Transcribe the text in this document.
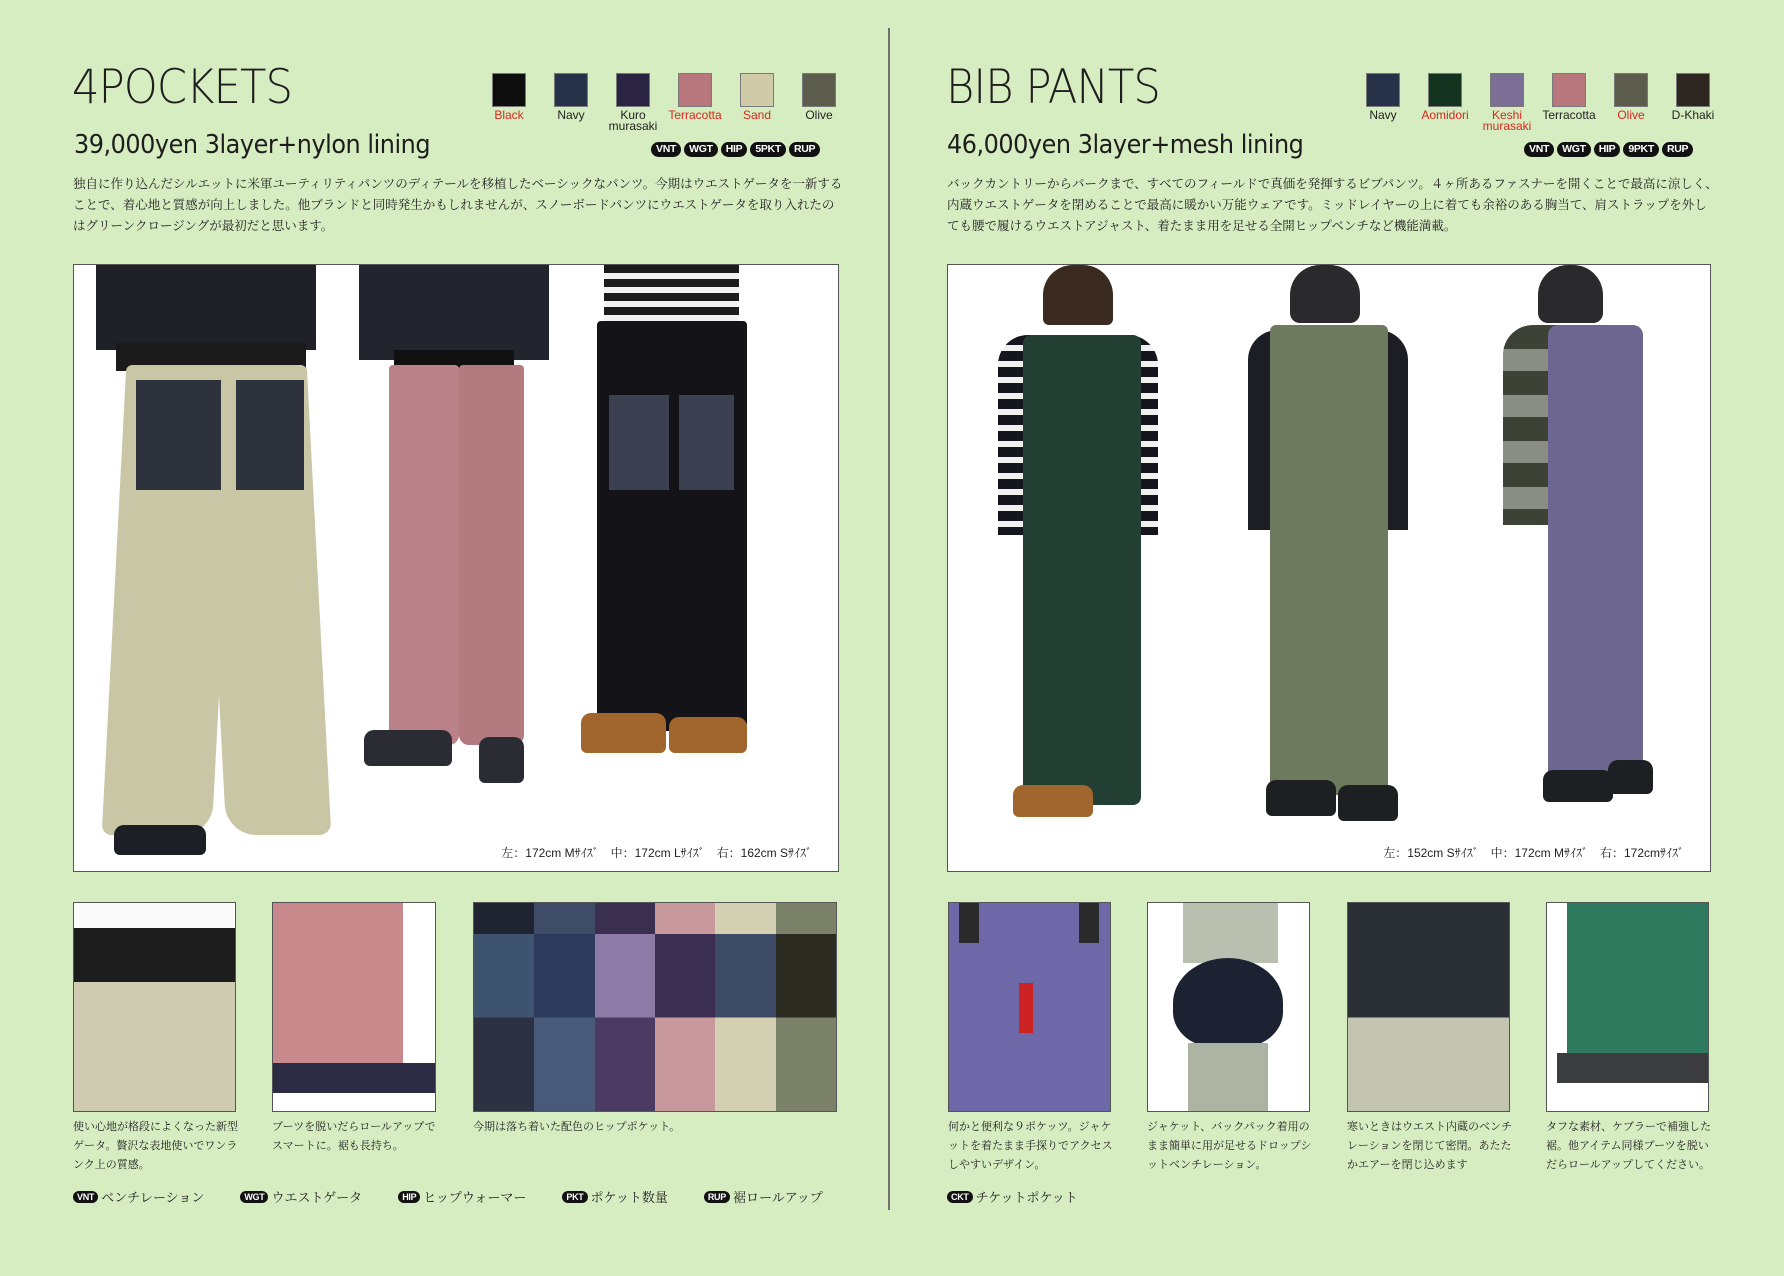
4POCKETS
39,000yen 3layer+nylon lining
Black	Navy	Kuro
murasaki
Terracotta Sand	Olive
VNT	WGT	HIP	5PKT	RUP
独自に作り込んだシルエットに米軍ユーティリティパンツのディテールを移植したベーシックなパンツ。今期はウエストゲータを一新することで、着心地と質感が向上しました。他ブランドと同時発生かもしれませんが、スノーボードパンツにウエストゲータを取り入れたのはグリーンクロージングが最初だと思います。
左：172cm Mｻｲｽﾞ　中：172cm Lｻｲｽﾞ　右：162cm Sｻｲｽﾞ
使い心地が格段によくなった新型ゲータ。贅沢な表地使いでワンランク上の質感。
ブーツを脱いだらロールアップでスマートに。裾も長持ち。
今期は落ち着いた配色のヒップポケット。
VNT ベンチレーション	WGT ウエストゲータ	HIP ヒップウォーマー	PKT ポケット数量	RUP 裾ロールアップ
BIB PANTS
46,000yen 3layer+mesh lining
Navy Aomidori	Keshi
murasaki
Terracotta Olive D-Khaki
VNT	WGT	HIP	9PKT	RUP
バックカントリーからパークまで、すべてのフィールドで真価を発揮するビブパンツ。４ヶ所あるファスナーを開くことで最高に涼しく、内蔵ウエストゲータを閉めることで最高に暖かい万能ウェアです。ミッドレイヤーの上に着ても余裕のある胸当て、肩ストラップを外しても腰で履けるウエストアジャスト、着たまま用を足せる全開ヒップベンチなど機能満載。
左：152cm Sｻｲｽﾞ　中：172cm Mｻｲｽﾞ　右：172cmｻｲｽﾞ
何かと便利な９ポケッツ。ジャケットを着たまま手探りでアクセスしやすいデザイン。
ジャケット、バックパック着用のまま簡単に用が足せるドロップシットベンチレーション。
寒いときはウエスト内蔵のベンチレーションを閉じて密閉。あたたかエアーを閉じ込めます
タフな素材、ケブラーで補強した裾。他アイテム同様ブーツを脱いだらロールアップしてください。
CKT チケットポケット
